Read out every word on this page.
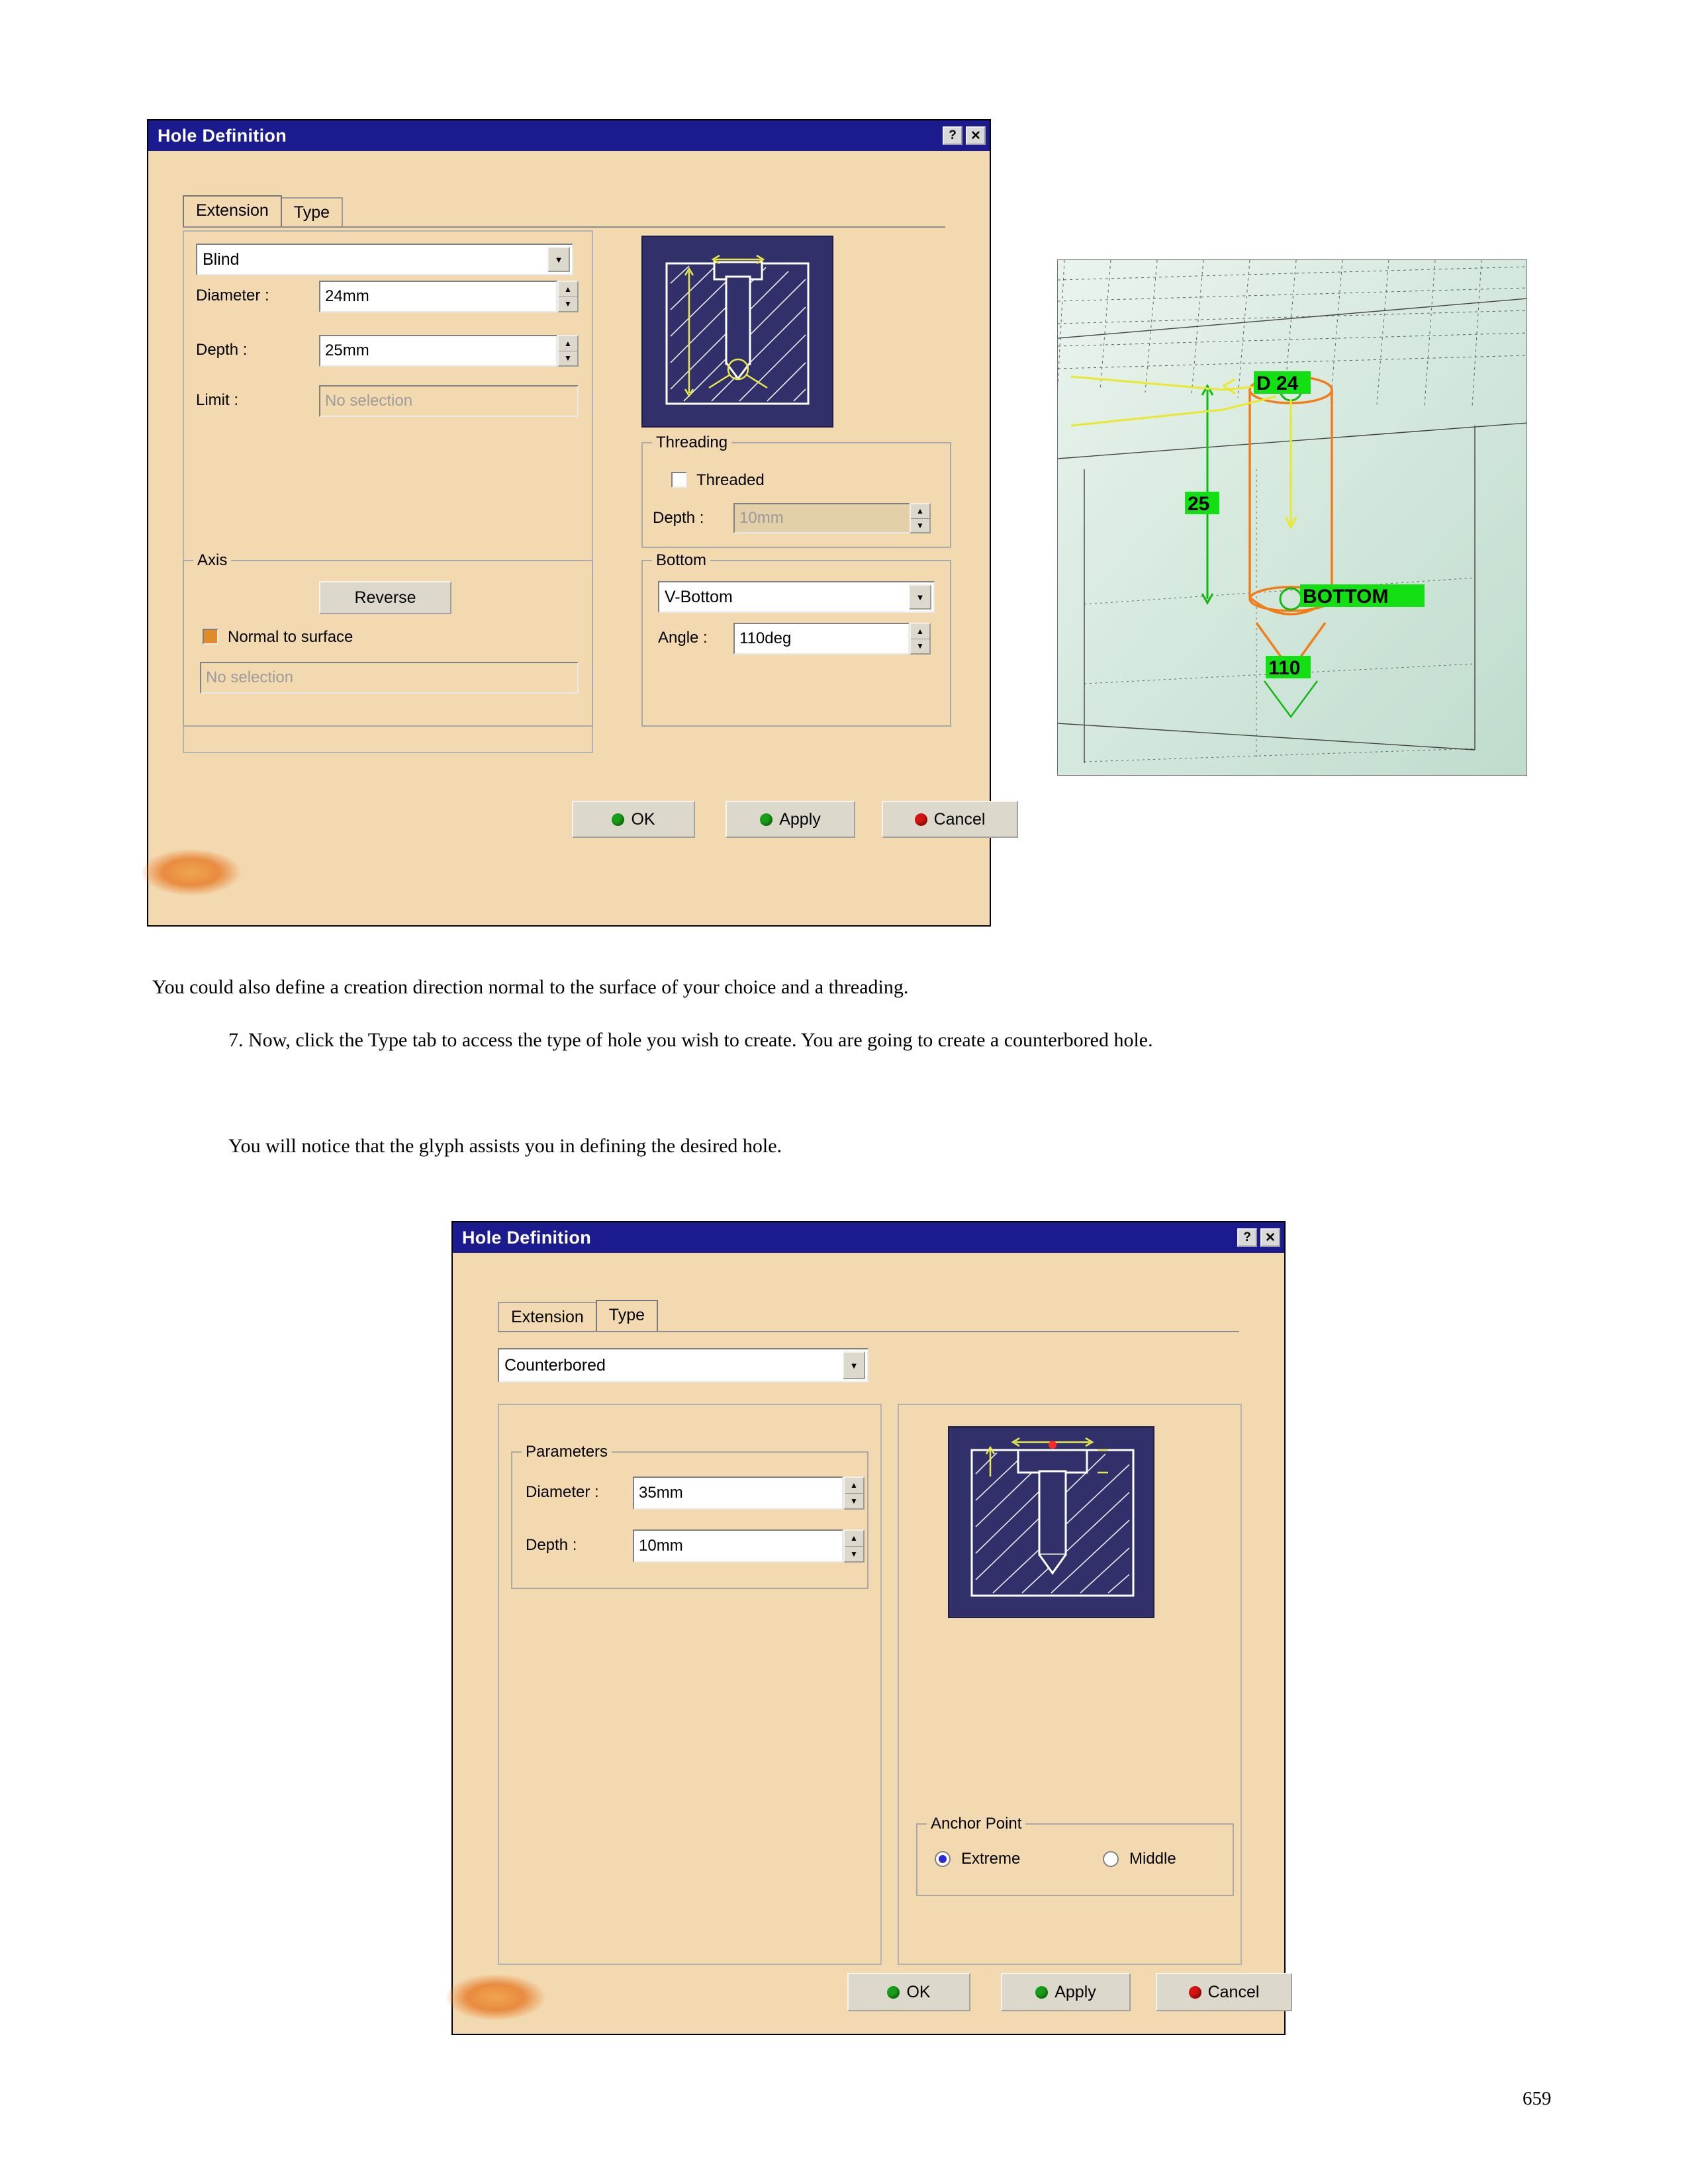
Hole Definition	?	✕
Extension	Type
Blind	▼
Diameter :	24mm	▲
▼
Depth :	25mm	▲
▼
Limit :	No selection
Threading
Threaded
Depth :	10mm	▲
▼
Axis
Reverse
Normal to surface
No selection
Bottom
V-Bottom	▼
Angle :	110deg	▲
▼
OK	Apply	Cancel
D 24
25
BOTTOM
110

You could also define a creation direction normal to the surface of your choice and a threading.

7. Now, click the Type tab to access the type of hole you wish to create. You are going to create a counterbored hole.

You will notice that the glyph assists you in defining the desired hole.

Hole Definition	?	✕
Extension	Type
Counterbored	▼
Parameters
Diameter :	35mm	▲
▼
Depth :	10mm	▲
▼
Anchor Point
Extreme	Middle
OK	Apply	Cancel
659
